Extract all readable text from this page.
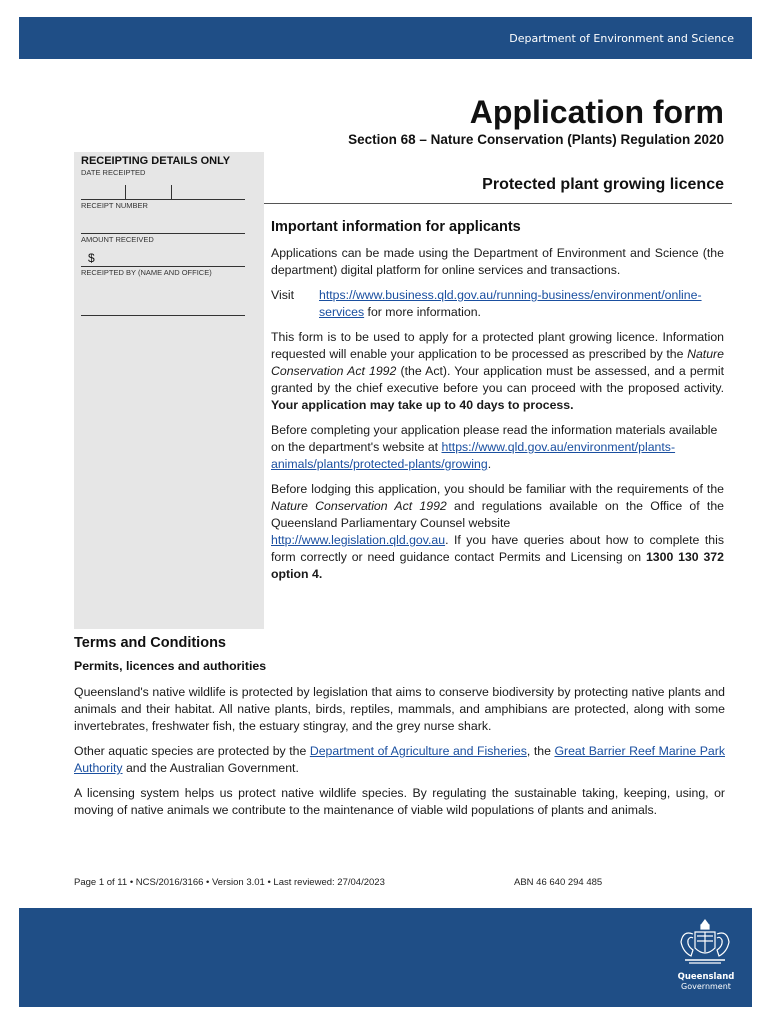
Department of Environment and Science
Application form
Section 68 – Nature Conservation (Plants) Regulation 2020
RECEIPTING DETAILS ONLY
DATE RECEIPTED
RECEIPT NUMBER
AMOUNT RECEIVED
$
RECEIPTED BY (NAME AND OFFICE)
Protected plant growing licence
Important information for applicants

Applications can be made using the Department of Environment and Science (the department) digital platform for online services and transactions.

Visit	https://www.business.qld.gov.au/running-business/environment/online-services for more information.

This form is to be used to apply for a protected plant growing licence. Information requested will enable your application to be processed as prescribed by the Nature Conservation Act 1992 (the Act). Your application must be assessed, and a permit granted by the chief executive before you can proceed with the proposed activity. Your application may take up to 40 days to process.

Before completing your application please read the information materials available on the department's website at https://www.qld.gov.au/environment/plants-animals/plants/protected-plants/growing.

Before lodging this application, you should be familiar with the requirements of the Nature Conservation Act 1992 and regulations available on the Office of the Queensland Parliamentary Counsel website

http://www.legislation.qld.gov.au. If you have queries about how to complete this form correctly or need guidance contact Permits and Licensing on 1300 130 372 option 4.

Terms and Conditions
Permits, licences and authorities

Queensland's native wildlife is protected by legislation that aims to conserve biodiversity by protecting native plants and animals and their habitat. All native plants, birds, reptiles, mammals, and amphibians are protected, along with some invertebrates, freshwater fish, the estuary stingray, and the grey nurse shark.

Other aquatic species are protected by the Department of Agriculture and Fisheries, the Great Barrier Reef Marine Park Authority and the Australian Government.

A licensing system helps us protect native wildlife species. By regulating the sustainable taking, keeping, using, or moving of native animals we contribute to the maintenance of viable wild populations of plants and animals.

Page 1 of 11 • NCS/2016/3166 • Version 3.01 • Last reviewed: 27/04/2023	ABN 46 640 294 485
Queensland
Government
